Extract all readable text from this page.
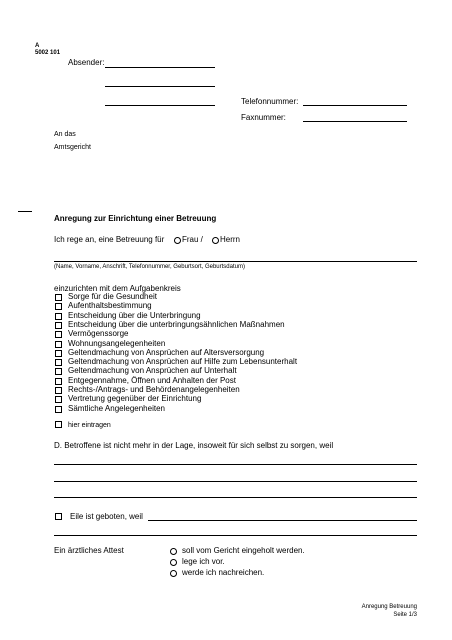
A
5002 101
Absender:
Telefonnummer:
Faxnummer:
An das
Amtsgericht
Anregung zur Einrichtung einer Betreuung
Ich rege an, eine Betreuung für Frau / Herrn
(Name, Vorname, Anschrift, Telefonnummer, Geburtsort, Geburtsdatum)
einzurichten mit dem Aufgabenkreis
Sorge für die Gesundheit
Aufenthaltsbestimmung
Entscheidung über die Unterbringung
Entscheidung über die unterbringungsähnlichen Maßnahmen
Vermögenssorge
Wohnungsangelegenheiten
Geltendmachung von Ansprüchen auf Altersversorgung
Geltendmachung von Ansprüchen auf Hilfe zum Lebensunterhalt
Geltendmachung von Ansprüchen auf Unterhalt
Entgegennahme, Öffnen und Anhalten der Post
Rechts-/Antrags- und Behördenangelegenheiten
Vertretung gegenüber der Einrichtung
Sämtliche Angelegenheiten
hier eintragen
D. Betroffene ist nicht mehr in der Lage, insoweit für sich selbst zu sorgen, weil
Eile ist geboten, weil
Ein ärztliches Attest	soll vom Gericht eingeholt werden.
lege ich vor.
werde ich nachreichen.
Anregung Betreuung
Seite 1/3
